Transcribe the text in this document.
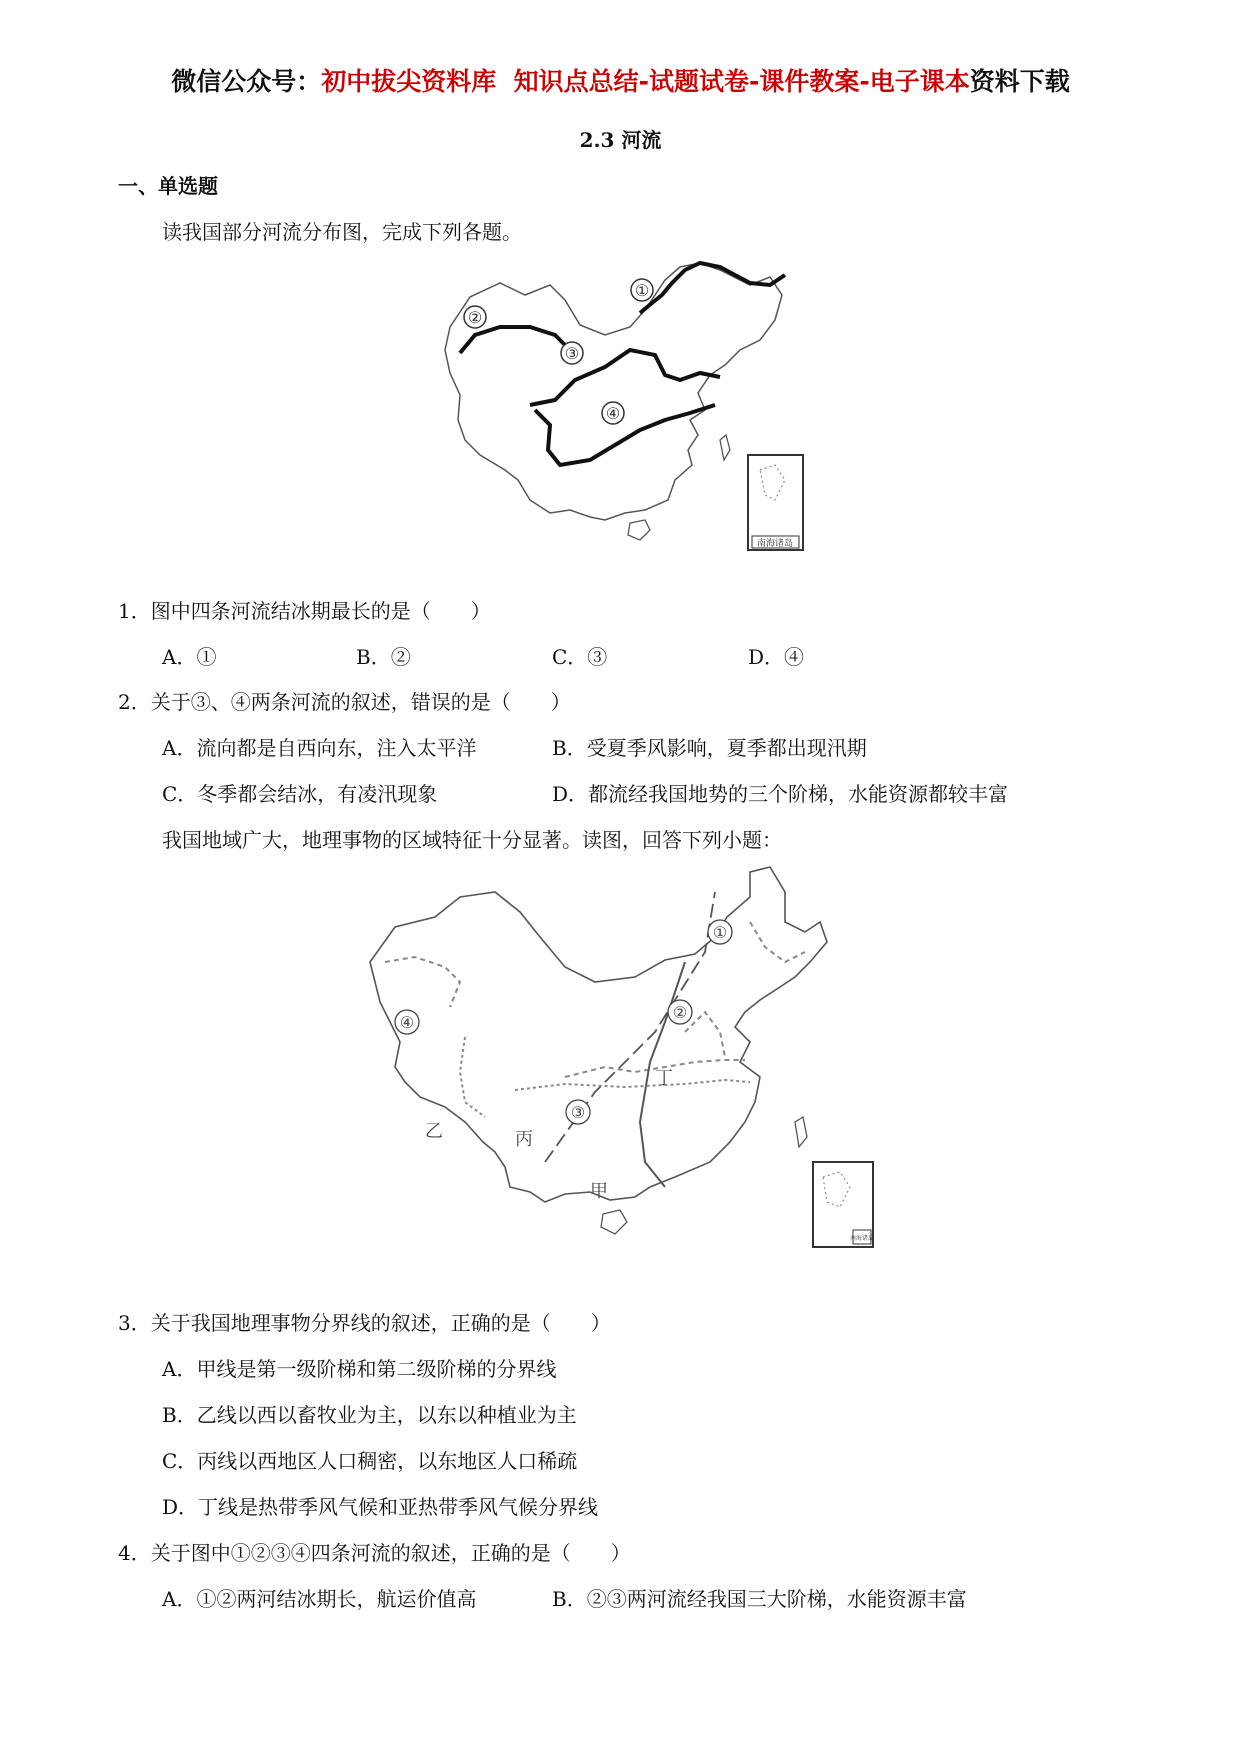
微信公众号：初中拔尖资料库 知识点总结-试题试卷-课件教案-电子课本资料下载
2.3 河流
一、单选题
读我国部分河流分布图，完成下列各题。
①
②
③
④
南海诸岛
1．图中四条河流结冰期最长的是（　　）
A．①	B．②	C．③	D．④
2．关于③、④两条河流的叙述，错误的是（　　）
A．流向都是自西向东，注入太平洋	B．受夏季风影响，夏季都出现汛期
C．冬季都会结冰，有凌汛现象	D．都流经我国地势的三个阶梯，水能资源都较丰富
我国地域广大，地理事物的区域特征十分显著。读图，回答下列小题：
①
②
③
④
甲
乙	丙
丁
南海诸岛
3．关于我国地理事物分界线的叙述，正确的是（　　）
A．甲线是第一级阶梯和第二级阶梯的分界线
B．乙线以西以畜牧业为主，以东以种植业为主
C．丙线以西地区人口稠密，以东地区人口稀疏
D．丁线是热带季风气候和亚热带季风气候分界线
4．关于图中①②③④四条河流的叙述，正确的是（　　）
A．①②两河结冰期长，航运价值高	B．②③两河流经我国三大阶梯，水能资源丰富
